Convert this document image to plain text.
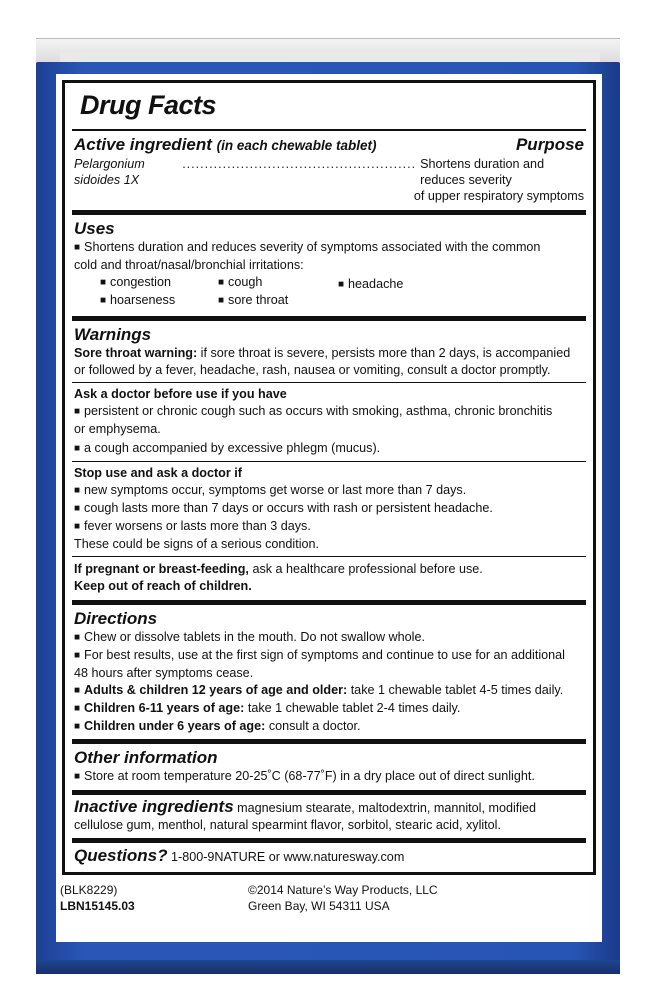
Drug Facts
Active ingredient (in each chewable tablet)	Purpose
Pelargonium sidoides 1X
.................................................... Shortens duration and reduces severity
of upper respiratory symptoms
Uses
■ Shortens duration and reduces severity of symptoms associated with the common
cold and throat/nasal/bronchial irritations:
■ congestion ■	cough ■	headache
■ hoarseness ■	sore throat
Warnings
Sore throat warning: if sore throat is severe, persists more than 2 days, is accompanied
or followed by a fever, headache, rash, nausea or vomiting, consult a doctor promptly.
Ask a doctor before use if you have
■ persistent or chronic cough such as occurs with smoking, asthma, chronic bronchitis
or emphysema.
■ a cough accompanied by excessive phlegm (mucus).
Stop use and ask a doctor if
■ new symptoms occur, symptoms get worse or last more than 7 days.
■ cough lasts more than 7 days or occurs with rash or persistent headache.
■ fever worsens or lasts more than 3 days.
These could be signs of a serious condition.
If pregnant or breast-feeding, ask a healthcare professional before use.
Keep out of reach of children.
Directions
■ Chew or dissolve tablets in the mouth. Do not swallow whole.
■ For best results, use at the first sign of symptoms and continue to use for an additional
48 hours after symptoms cease.
■ Adults & children 12 years of age and older: take 1 chewable tablet 4-5 times daily.
■ Children 6-11 years of age: take 1 chewable tablet 2-4 times daily.
■ Children under 6 years of age: consult a doctor.
Other information
■ Store at room temperature 20-25˚C (68-77˚F) in a dry place out of direct sunlight.
Inactive ingredients magnesium stearate, maltodextrin, mannitol, modified
cellulose gum, menthol, natural spearmint flavor, sorbitol, stearic acid, xylitol.
Questions? 1-800-9NATURE or www.naturesway.com
(BLK8229)
LBN15145.03
©2014 Nature’s Way Products, LLC
Green Bay, WI 54311 USA
